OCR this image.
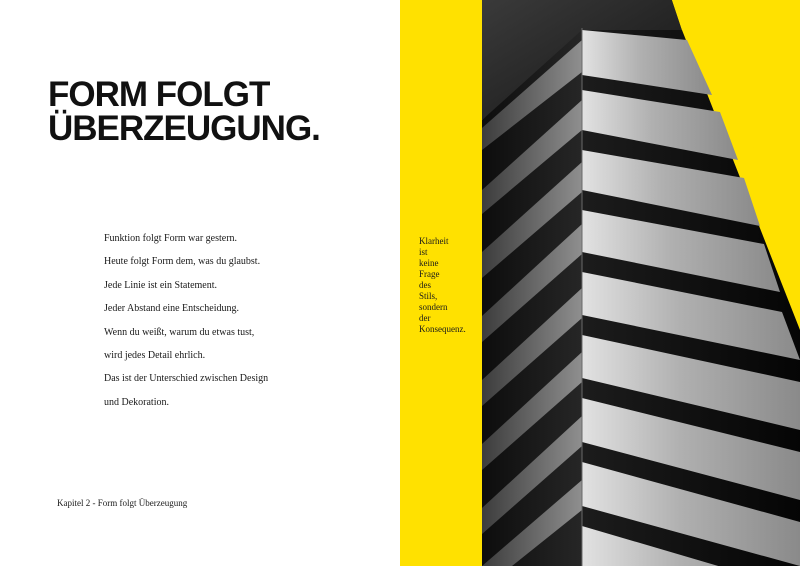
FORM FOLGT
ÜBERZEUGUNG.
Funktion folgt Form war gestern.
Heute folgt Form dem, was du glaubst.
Jede Linie ist ein Statement.
Jeder Abstand eine Entscheidung.
Wenn du weißt, warum du etwas tust,
wird jedes Detail ehrlich.
Das ist der Unterschied zwischen Design
und Dekoration.
Kapitel 2 - Form folgt Überzeugung

Klarheit
ist
keine
Frage
des
Stils,
sondern
der
Konsequenz.
